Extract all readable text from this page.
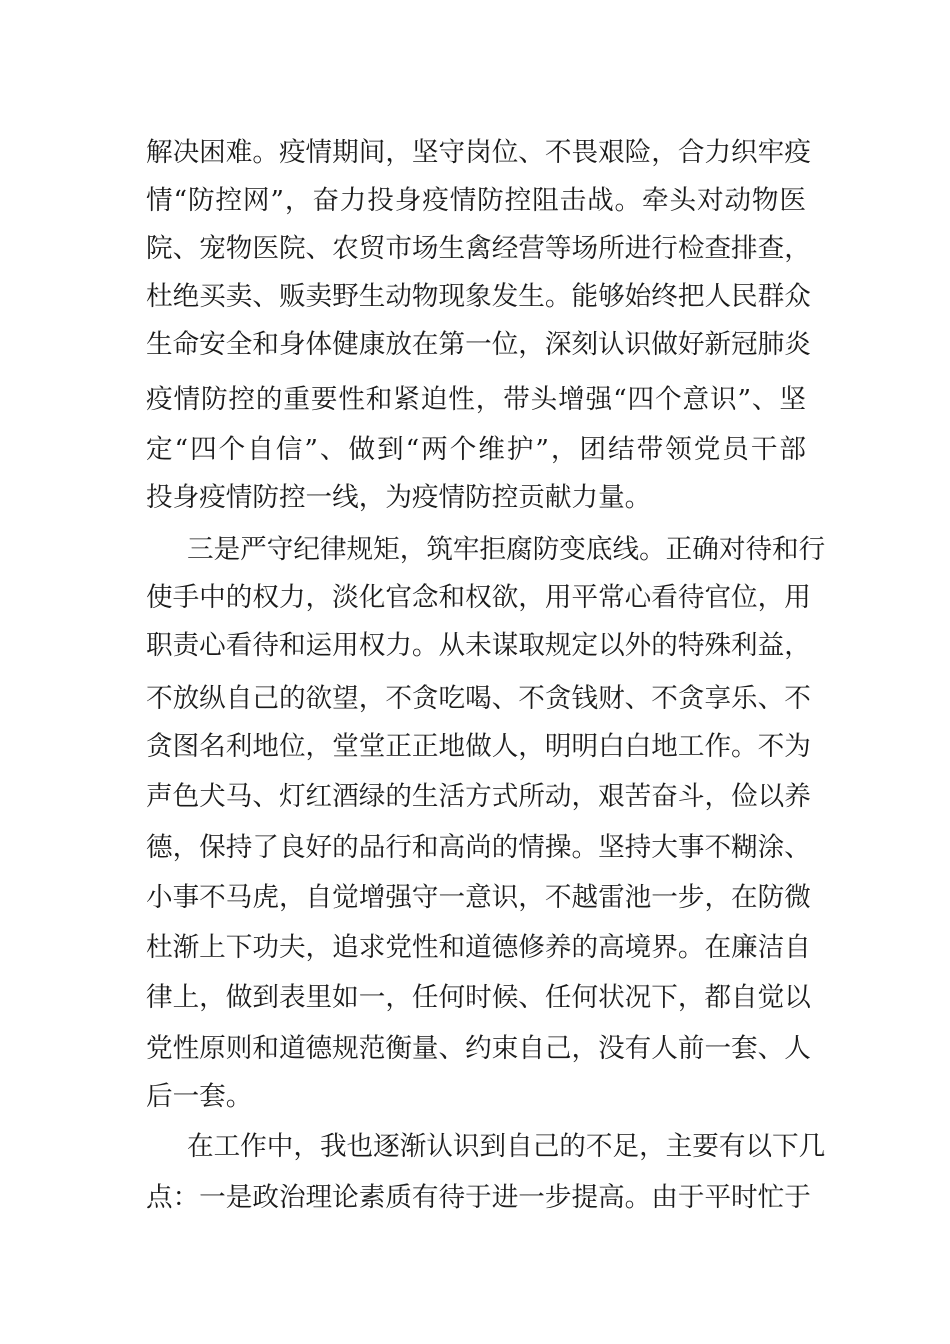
解决困难。疫情期间，坚守岗位、不畏艰险，合力织牢疫
情“防控网”，奋力投身疫情防控阻击战。牵头对动物医
院、宠物医院、农贸市场生禽经营等场所进行检查排查，
杜绝买卖、贩卖野生动物现象发生。能够始终把人民群众
生命安全和身体健康放在第一位，深刻认识做好新冠肺炎
疫情防控的重要性和紧迫性，带头增强“四个意识”、坚
定“四个自信”、做到“两个维护”，团结带领党员干部
投身疫情防控一线，为疫情防控贡献力量。
三是严守纪律规矩，筑牢拒腐防变底线。正确对待和行
使手中的权力，淡化官念和权欲，用平常心看待官位，用
职责心看待和运用权力。从未谋取规定以外的特殊利益，
不放纵自己的欲望，不贪吃喝、不贪钱财、不贪享乐、不
贪图名利地位，堂堂正正地做人，明明白白地工作。不为
声色犬马、灯红酒绿的生活方式所动，艰苦奋斗，俭以养
德，保持了良好的品行和高尚的情操。坚持大事不糊涂、
小事不马虎，自觉增强守一意识，不越雷池一步，在防微
杜渐上下功夫，追求党性和道德修养的高境界。在廉洁自
律上，做到表里如一，任何时候、任何状况下，都自觉以
党性原则和道德规范衡量、约束自己，没有人前一套、人
后一套。
在工作中，我也逐渐认识到自己的不足，主要有以下几
点：一是政治理论素质有待于进一步提高。由于平时忙于
